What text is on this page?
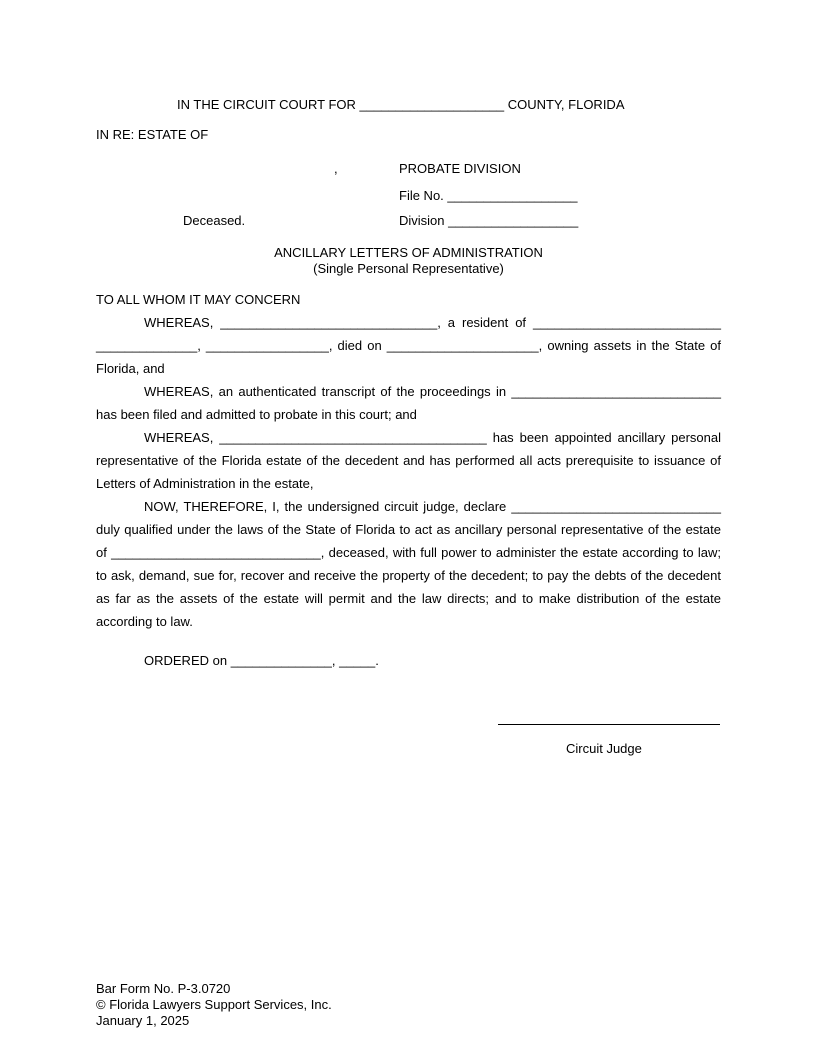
IN THE CIRCUIT COURT FOR ____________________ COUNTY, FLORIDA
IN RE: ESTATE OF
,	PROBATE DIVISION
File No. __________________
Deceased.	Division __________________
ANCILLARY LETTERS OF ADMINISTRATION
(Single Personal Representative)
TO ALL WHOM IT MAY CONCERN
WHEREAS, ______________________________, a resident of __________________________ ______________, _________________, died on _____________________, owning assets in the State of Florida, and
WHEREAS, an authenticated transcript of the proceedings in _____________________________ has been filed and admitted to probate in this court; and
WHEREAS, _____________________________________ has been appointed ancillary personal representative of the Florida estate of the decedent and has performed all acts prerequisite to issuance of Letters of Administration in the estate,
NOW, THEREFORE, I, the undersigned circuit judge, declare _____________________________ duly qualified under the laws of the State of Florida to act as ancillary personal representative of the estate of _____________________________, deceased, with full power to administer the estate according to law; to ask, demand, sue for, recover and receive the property of the decedent; to pay the debts of the decedent as far as the assets of the estate will permit and the law directs; and to make distribution of the estate according to law.
ORDERED on ______________, _____.
Circuit Judge
Bar Form No. P-3.0720
© Florida Lawyers Support Services, Inc.
January 1, 2025
